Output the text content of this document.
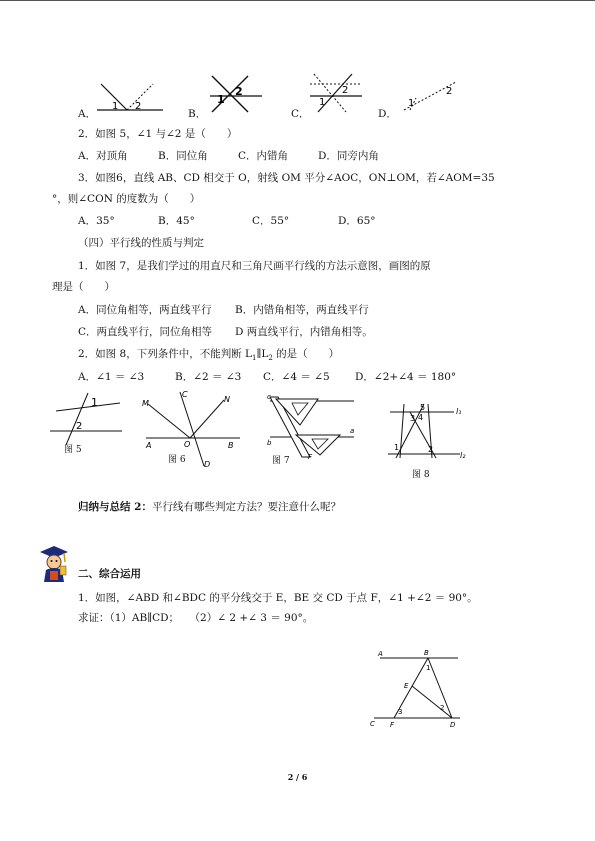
A．
1 2
B．
1
2
C．
1
2
D．
1
2
2．如图 5，∠1 与∠2 是（　　）
A．对顶角	B．同位角	C．内错角	D．同旁内角
3．如图6，直线 AB、CD 相交于 O，射线 OM 平分∠AOC，ON⊥OM，若∠AOM=35
°，则∠CON 的度数为（　　）
A．35°	B．45°	C．55°	D．65°
（四）平行线的性质与判定
1．如图 7，是我们学过的用直尺和三角尺画平行线的方法示意图，画图的原
理是（　　）
A．同位角相等，两直线平行 B．内错角相等，两直线平行
C．两直线平行，同位角相等 D 两直线平行，内错角相等。
2．如图 8，下列条件中，不能判断 $L_1\parallel L_2$ 的是（　　）
A．∠1 ＝ ∠3	B．∠2 ＝ ∠3 C．∠4 ＝ ∠5 D．∠2+∠4 ＝ 180°
1
2
图 5	A	B
C
D
M	N
O
图 6
c
a
b
F
图 7
5
4
3
1	2
l₁
l₂
图 8
归纳与总结 2：平行线有哪些判定方法？要注意什么呢？
二、综合运用
1．如图，∠ABD 和∠BDC 的平分线交于 E，BE 交 CD 于点 F，∠1 +∠2 ＝ 90°。
求证：（1）AB∥CD；　　（2）∠ 2 +∠ 3 ＝ 90°。
A	B
C	D
E
F
1
2
3
2 / 6
